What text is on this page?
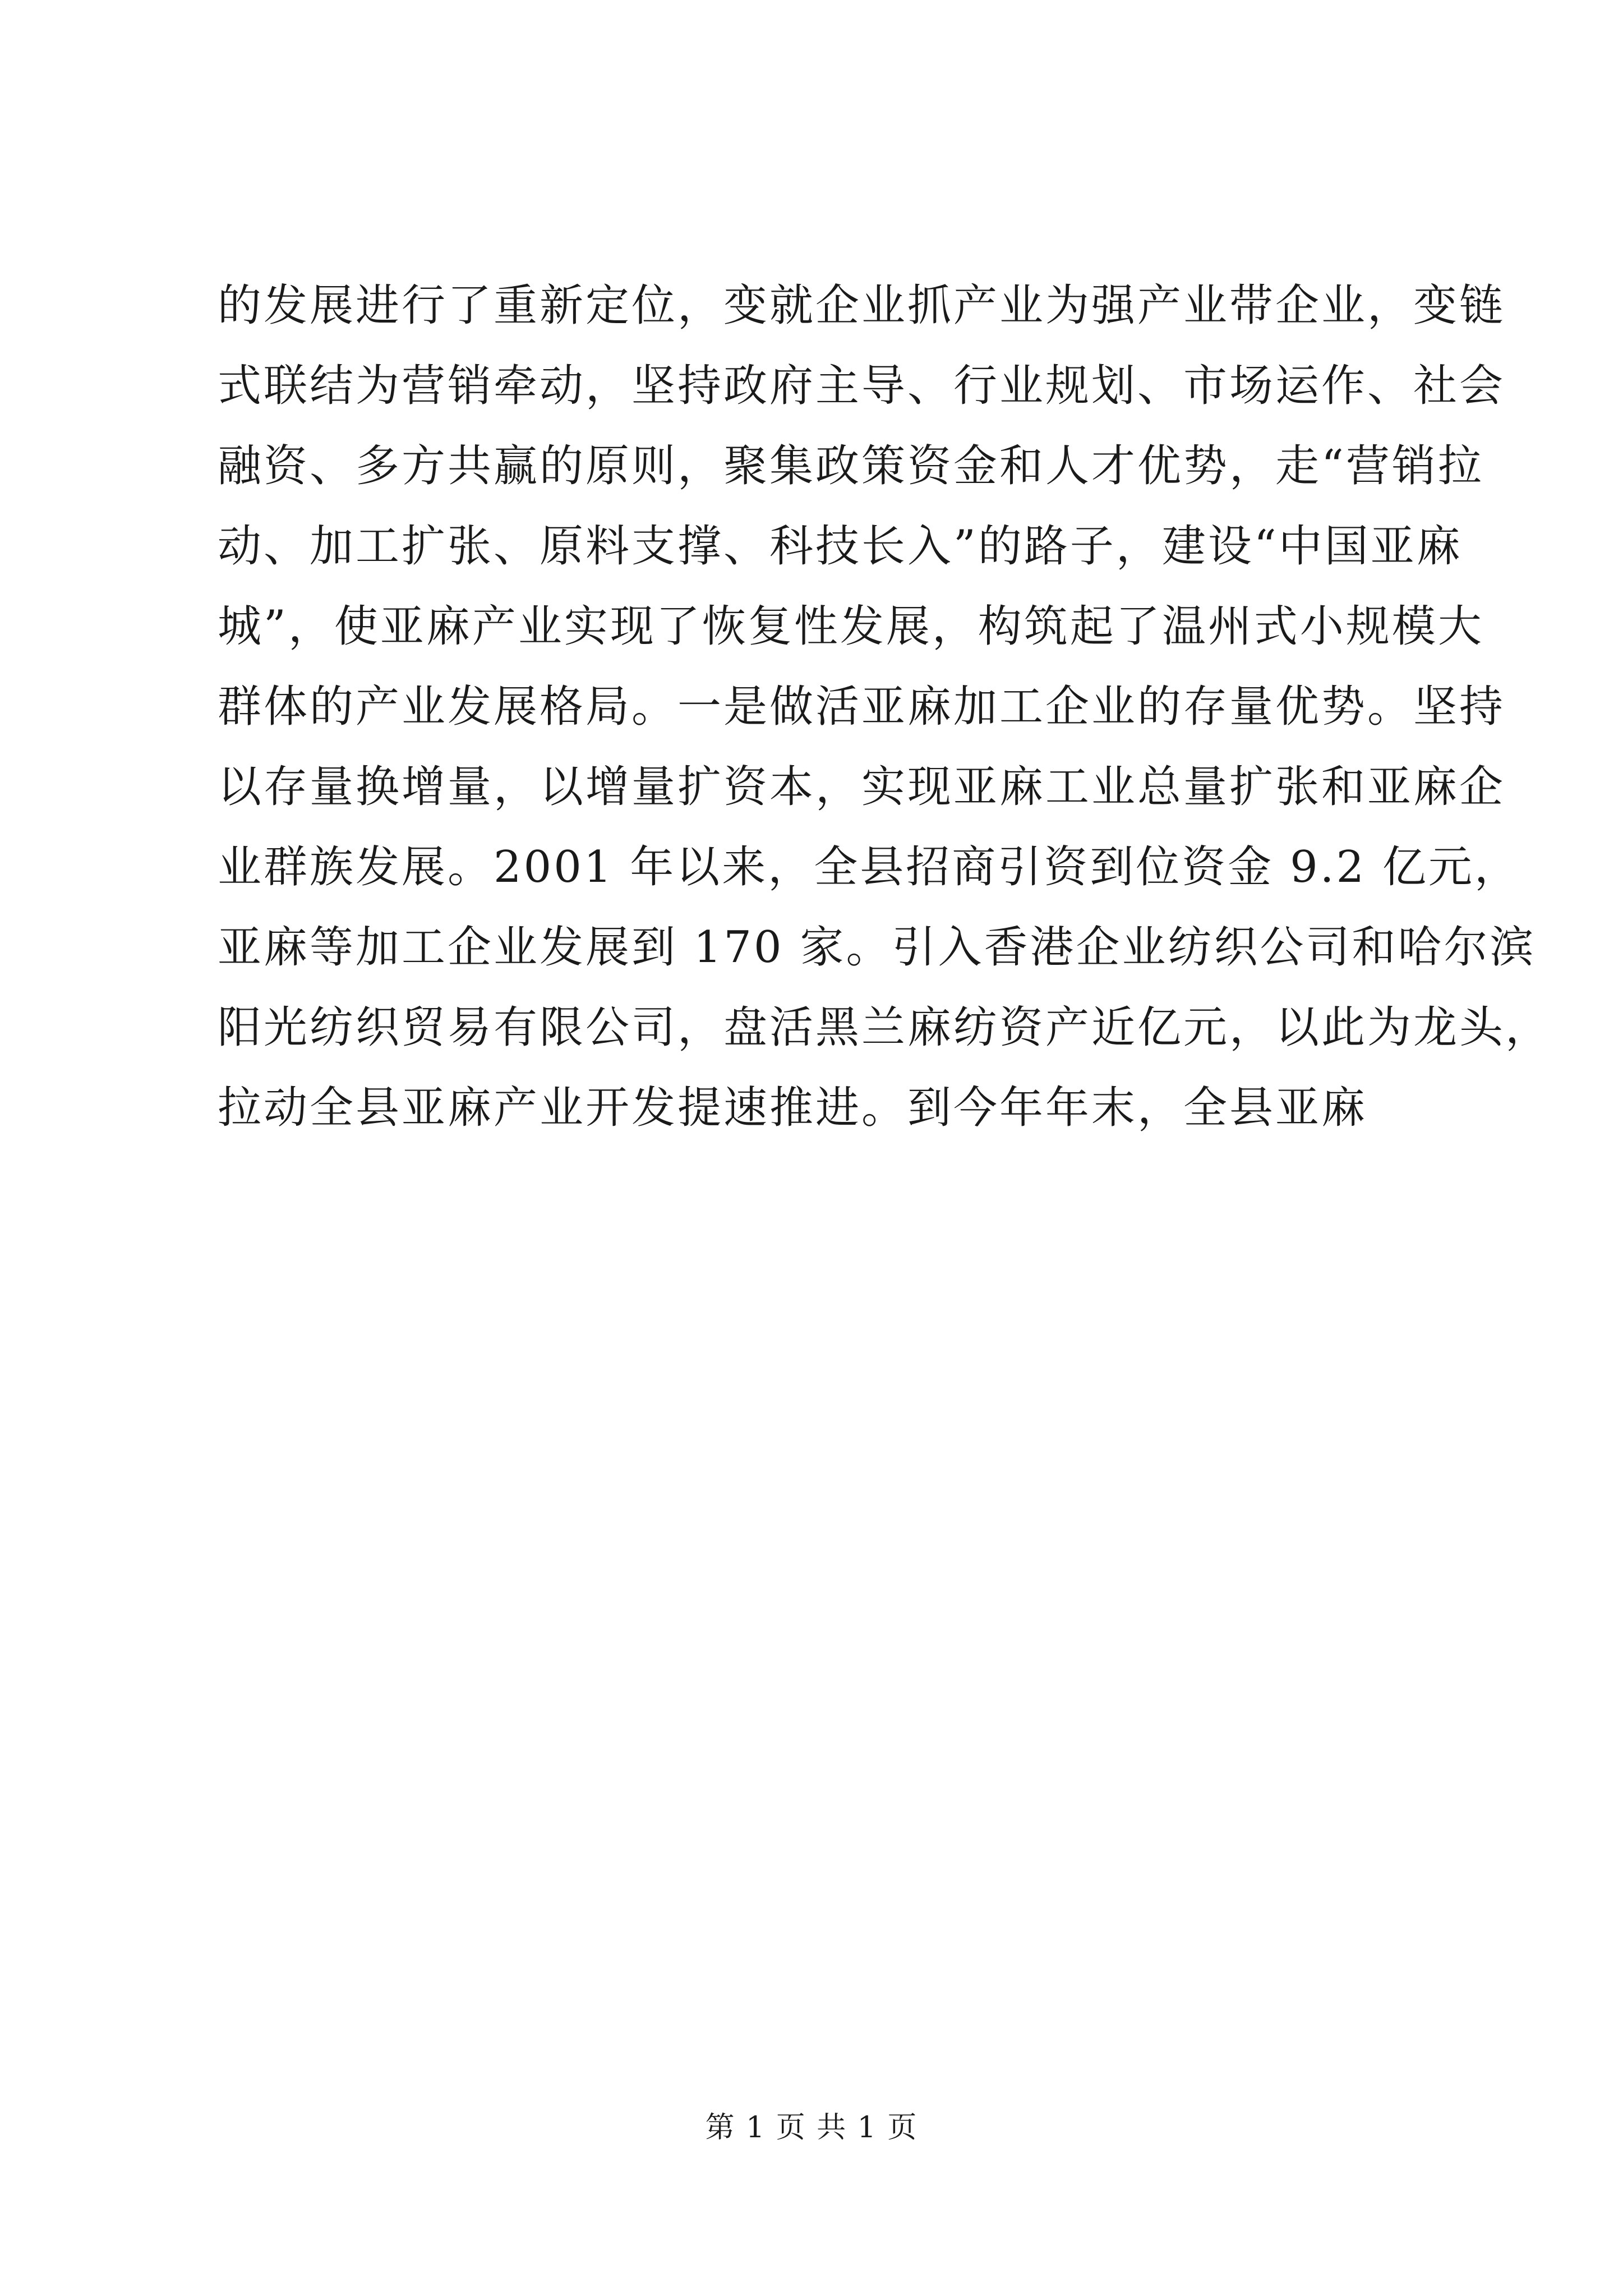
的发展进行了重新定位，变就企业抓产业为强产业带企业，变链
式联结为营销牵动，坚持政府主导、行业规划、市场运作、社会
融资、多方共赢的原则，聚集政策资金和人才优势，走“营销拉
动、加工扩张、原料支撑、科技长入”的路子，建设“中国亚麻
城”，使亚麻产业实现了恢复性发展，构筑起了温州式小规模大
群体的产业发展格局。一是做活亚麻加工企业的存量优势。坚持
以存量换增量，以增量扩资本，实现亚麻工业总量扩张和亚麻企
业群族发展。2001 年以来，全县招商引资到位资金 9.2 亿元，
亚麻等加工企业发展到 170 家。引入香港企业纺织公司和哈尔滨
阳光纺织贸易有限公司，盘活黑兰麻纺资产近亿元，以此为龙头，
拉动全县亚麻产业开发提速推进。到今年年末，全县亚麻
第 1 页 共 1 页
